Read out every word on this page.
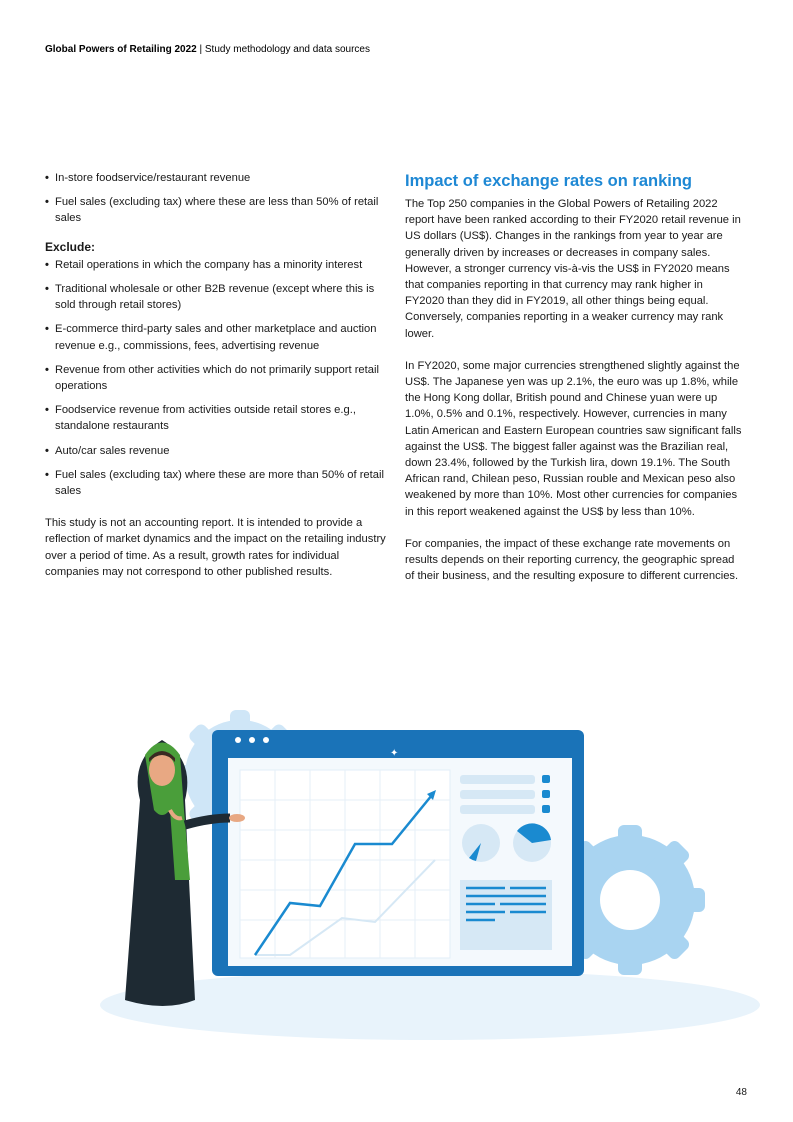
Global Powers of Retailing 2022 | Study methodology and data sources
• In-store foodservice/restaurant revenue
• Fuel sales (excluding tax) where these are less than 50% of retail sales
Exclude:
• Retail operations in which the company has a minority interest
• Traditional wholesale or other B2B revenue (except where this is sold through retail stores)
• E-commerce third-party sales and other marketplace and auction revenue e.g., commissions, fees, advertising revenue
• Revenue from other activities which do not primarily support retail operations
• Foodservice revenue from activities outside retail stores e.g., standalone restaurants
• Auto/car sales revenue
• Fuel sales (excluding tax) where these are more than 50% of retail sales

This study is not an accounting report. It is intended to provide a reflection of market dynamics and the impact on the retailing industry over a period of time. As a result, growth rates for individual companies may not correspond to other published results.

Impact of exchange rates on ranking

The Top 250 companies in the Global Powers of Retailing 2022 report have been ranked according to their FY2020 retail revenue in US dollars (US$). Changes in the rankings from year to year are generally driven by increases or decreases in company sales. However, a stronger currency vis-à-vis the US$ in FY2020 means that companies reporting in that currency may rank higher in FY2020 than they did in FY2019, all other things being equal. Conversely, companies reporting in a weaker currency may rank lower.

In FY2020, some major currencies strengthened slightly against the US$. The Japanese yen was up 2.1%, the euro was up 1.8%, while the Hong Kong dollar, British pound and Chinese yuan were up 1.0%, 0.5% and 0.1%, respectively. However, currencies in many Latin American and Eastern European countries saw significant falls against the US$. The biggest faller against was the Brazilian real, down 23.4%, followed by the Turkish lira, down 19.1%. The South African rand, Chilean peso, Russian rouble and Mexican peso also weakened by more than 10%. Most other currencies for companies in this report weakened against the US$ by less than 10%.

For companies, the impact of these exchange rate movements on results depends on their reporting currency, the geographic spread of their business, and the resulting exposure to different currencies.

✦
48
